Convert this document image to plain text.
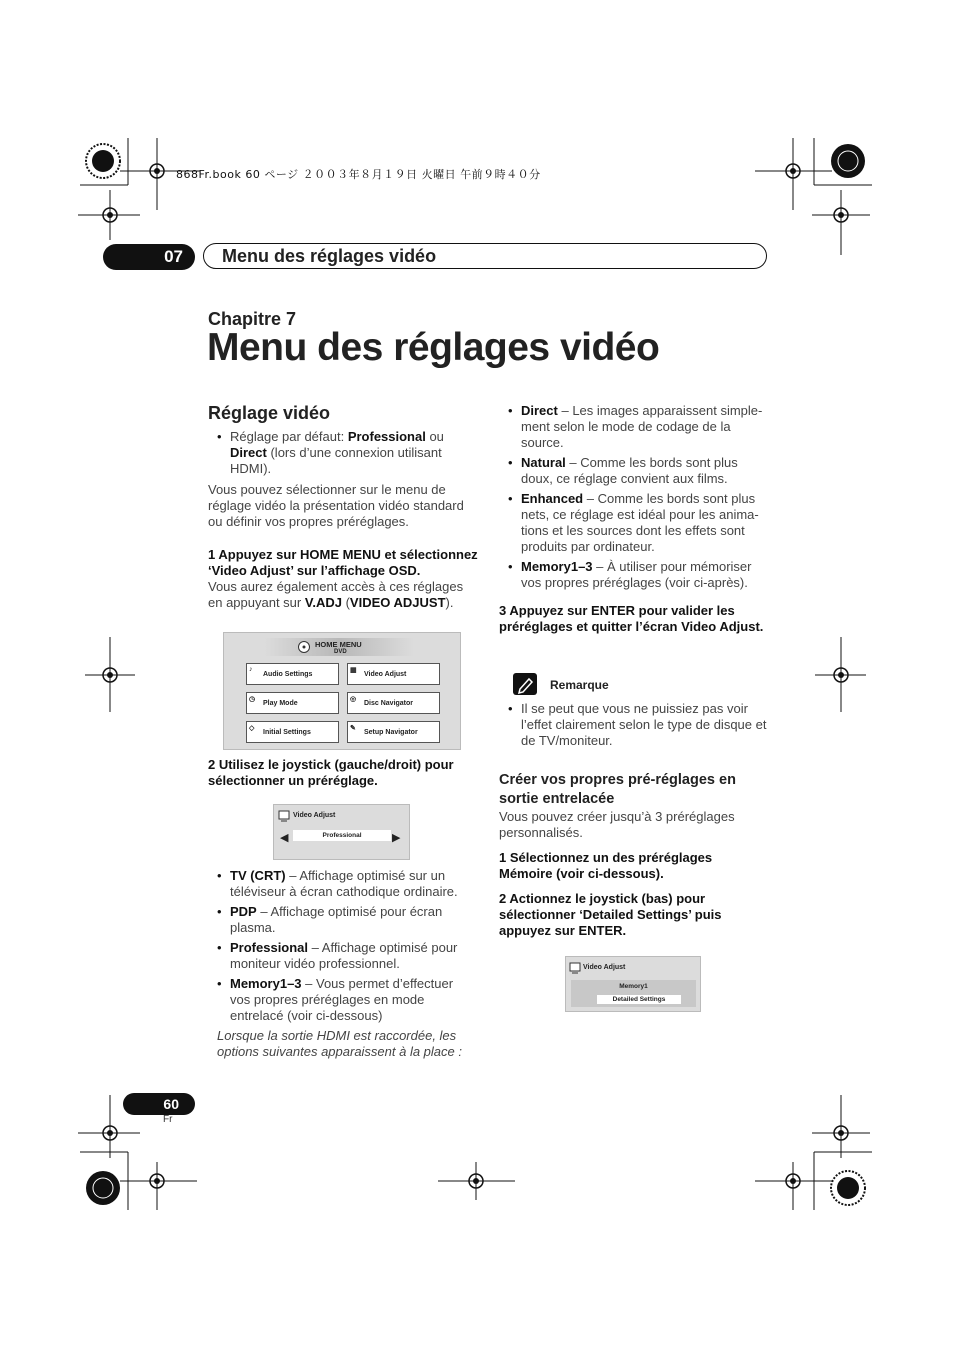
868Fr.book 60 ページ ２００３年８月１９日 火曜日 午前９時４０分
07	Menu des réglages vidéo
Chapitre 7
Menu des réglages vidéo
Réglage vidéo
• Réglage par défaut: Professional ou Direct (lors d’une connexion utilisant HDMI).
Vous pouvez sélectionner sur le menu de réglage vidéo la présentation vidéo standard ou définir vos propres préréglages.
1 Appuyez sur HOME MENU et sélectionnez ‘Video Adjust’ sur l’affichage OSD.
Vous aurez également accès à ces réglages en appuyant sur V.ADJ (VIDEO ADJUST).
HOME MENU
DVD
♪
Audio Settings	▦	Video Adjust
◷	Play Mode	◎	Disc Navigator
◇	Initial Settings	✎	Setup Navigator
2 Utilisez le joystick (gauche/droit) pour sélectionner un préréglage.
Video Adjust
◀	Professional	▶
• TV (CRT) – Affichage optimisé sur un téléviseur à écran cathodique ordinaire.
• PDP – Affichage optimisé pour écran plasma.
• Professional – Affichage optimisé pour moniteur vidéo professionnel.
• Memory1–3 – Vous permet d’effectuer vos propres préréglages en mode entrelacé (voir ci-dessous)
Lorsque la sortie HDMI est raccordée, les options suivantes apparaissent à la place :
• Direct – Les images apparaissent simple-ment selon le mode de codage de la source.
• Natural – Comme les bords sont plus doux, ce réglage convient aux films.
• Enhanced – Comme les bords sont plus nets, ce réglage est idéal pour les anima-tions et les sources dont les effets sont produits par ordinateur.
• Memory1–3 – À utiliser pour mémoriser vos propres préréglages (voir ci-après).
3 Appuyez sur ENTER pour valider les préréglages et quitter l’écran Video Adjust.
Remarque
• Il se peut que vous ne puissiez pas voir l’effet clairement selon le type de disque et de TV/moniteur.
Créer vos propres pré-réglages en sortie entrelacée
Vous pouvez créer jusqu’à 3 préréglages personnalisés.
1 Sélectionnez un des préréglages Mémoire (voir ci-dessous).
2 Actionnez le joystick (bas) pour sélectionner ‘Detailed Settings’ puis appuyez sur ENTER.
Video Adjust
Memory1
Detailed Settings
60
Fr
